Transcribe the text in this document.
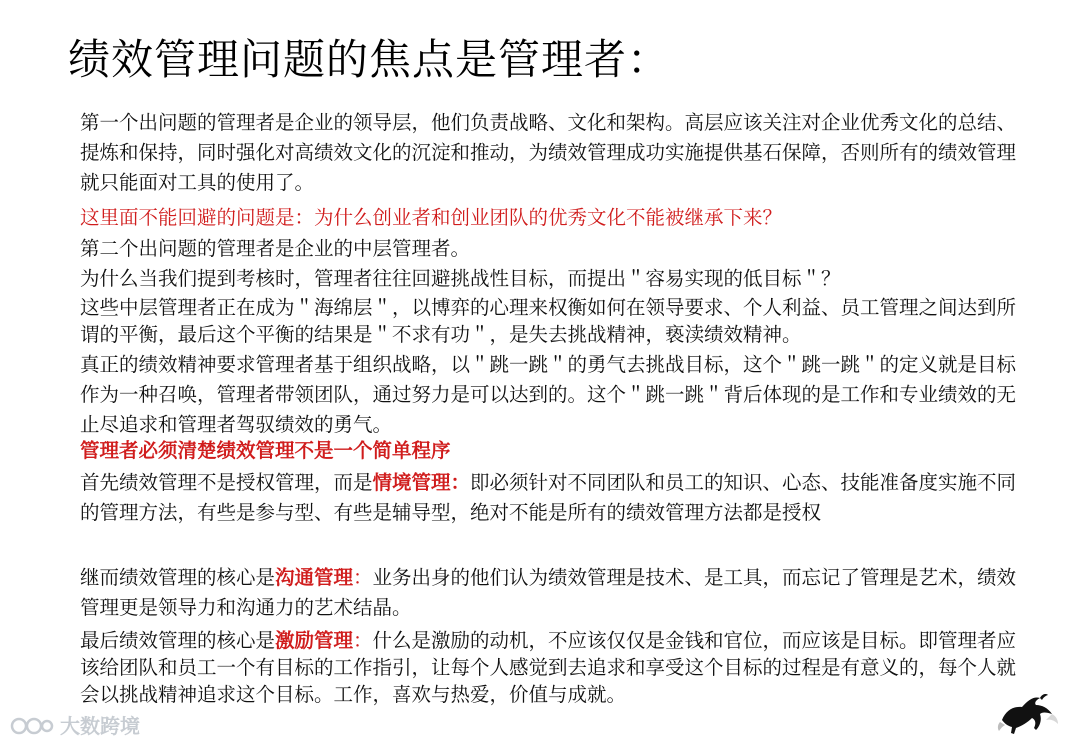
绩效管理问题的焦点是管理者：

第一个出问题的管理者是企业的领导层，他们负责战略、文化和架构。高层应该关注对企业优秀文化的总结、提炼和保持，同时强化对高绩效文化的沉淀和推动，为绩效管理成功实施提供基石保障，否则所有的绩效管理就只能面对工具的使用了。

这里面不能回避的问题是：为什么创业者和创业团队的优秀文化不能被继承下来？

第二个出问题的管理者是企业的中层管理者。

为什么当我们提到考核时，管理者往往回避挑战性目标，而提出＂容易实现的低目标＂？

这些中层管理者正在成为＂海绵层＂，以博弈的心理来权衡如何在领导要求、个人利益、员工管理之间达到所谓的平衡，最后这个平衡的结果是＂不求有功＂，是失去挑战精神，亵渎绩效精神。

真正的绩效精神要求管理者基于组织战略，以＂跳一跳＂的勇气去挑战目标，这个＂跳一跳＂的定义就是目标作为一种召唤，管理者带领团队，通过努力是可以达到的。这个＂跳一跳＂背后体现的是工作和专业绩效的无止尽追求和管理者驾驭绩效的勇气。

管理者必须清楚绩效管理不是一个简单程序

首先绩效管理不是授权管理，而是情境管理：即必须针对不同团队和员工的知识、心态、技能准备度实施不同的管理方法，有些是参与型、有些是辅导型，绝对不能是所有的绩效管理方法都是授权

继而绩效管理的核心是沟通管理：业务出身的他们认为绩效管理是技术、是工具，而忘记了管理是艺术，绩效管理更是领导力和沟通力的艺术结晶。

最后绩效管理的核心是激励管理：什么是激励的动机，不应该仅仅是金钱和官位，而应该是目标。即管理者应该给团队和员工一个有目标的工作指引，让每个人感觉到去追求和享受这个目标的过程是有意义的，每个人就会以挑战精神追求这个目标。工作，喜欢与热爱，价值与成就。

大数跨境
